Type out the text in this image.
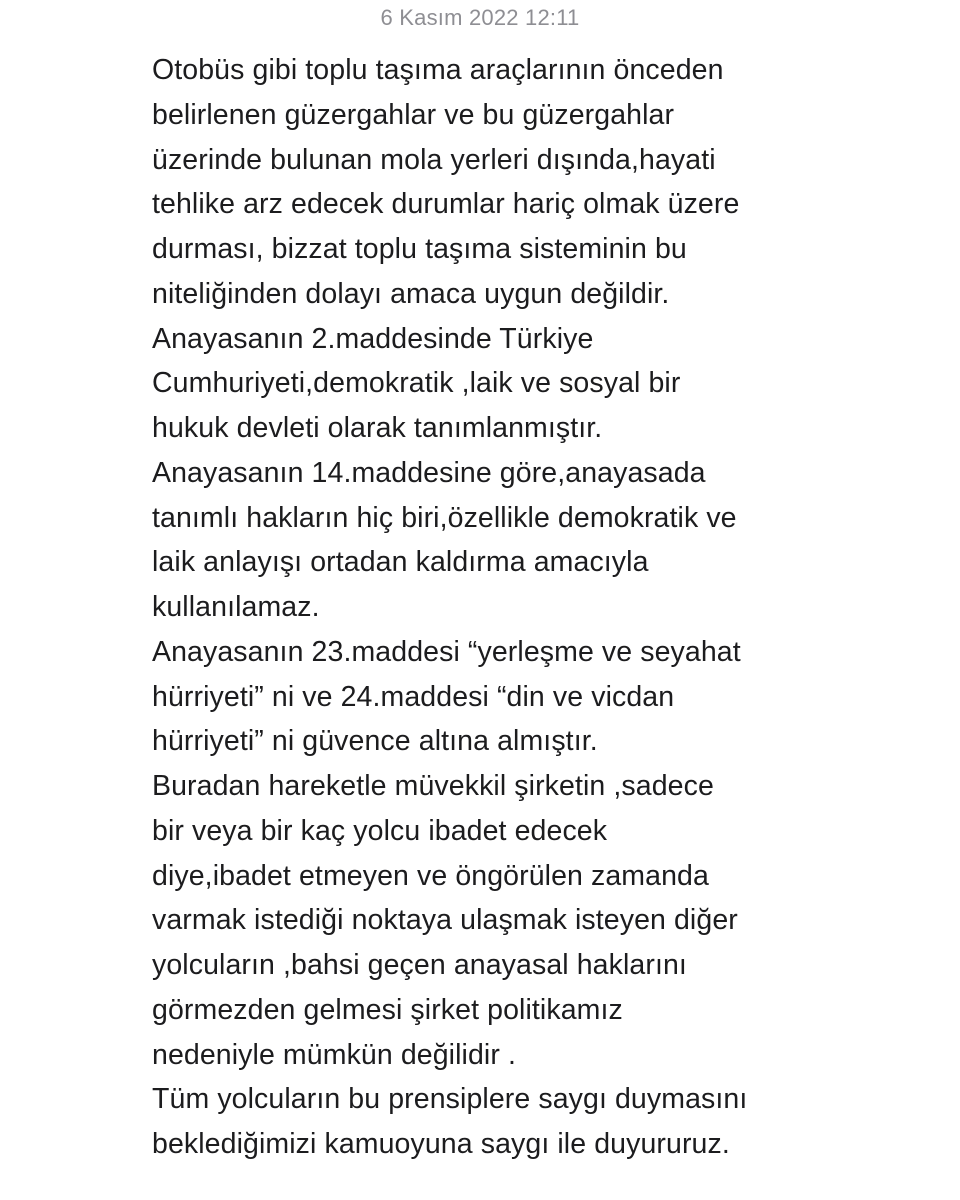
6 Kasım 2022 12:11
Otobüs gibi toplu taşıma araçlarının önceden
belirlenen güzergahlar ve bu güzergahlar
üzerinde bulunan mola yerleri dışında,hayati
tehlike arz edecek durumlar hariç olmak üzere
durması, bizzat toplu taşıma sisteminin bu
niteliğinden dolayı amaca uygun değildir.
Anayasanın 2.maddesinde Türkiye
Cumhuriyeti,demokratik ,laik ve sosyal bir
hukuk devleti olarak tanımlanmıştır.
Anayasanın 14.maddesine göre,anayasada
tanımlı hakların hiç biri,özellikle demokratik ve
laik anlayışı ortadan kaldırma amacıyla
kullanılamaz.
Anayasanın 23.maddesi “yerleşme ve seyahat
hürriyeti” ni ve 24.maddesi “din ve vicdan
hürriyeti” ni güvence altına almıştır.
Buradan hareketle müvekkil şirketin ,sadece
bir veya bir kaç yolcu ibadet edecek
diye,ibadet etmeyen ve öngörülen zamanda
varmak istediği noktaya ulaşmak isteyen diğer
yolcuların ,bahsi geçen anayasal haklarını
görmezden gelmesi şirket politikamız
nedeniyle mümkün değilidir .
Tüm yolcuların bu prensiplere saygı duymasını
beklediğimizi kamuoyuna saygı ile duyururuz.
